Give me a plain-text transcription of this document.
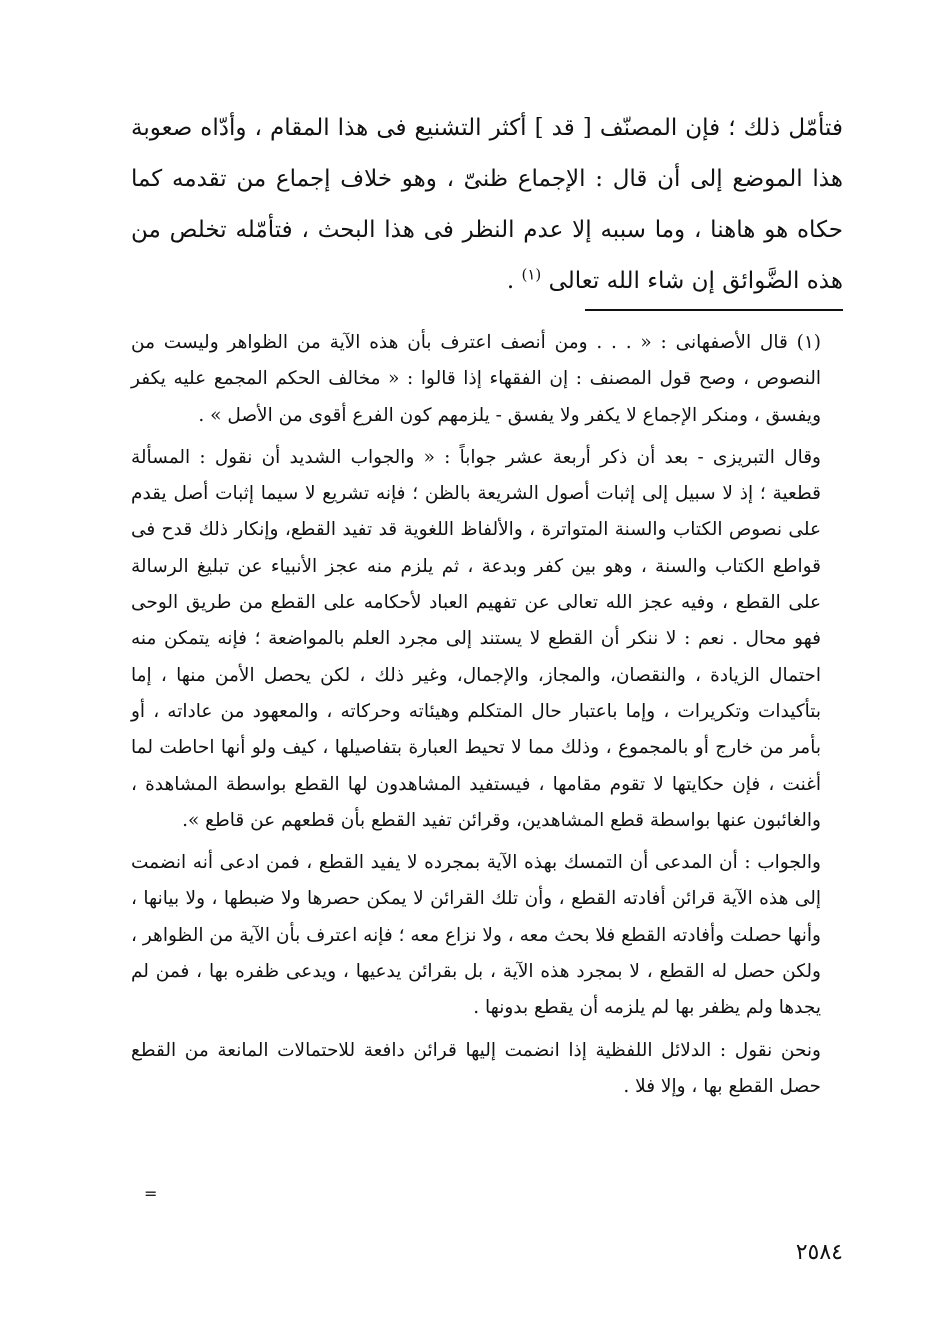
فتأمّل ذلك ؛ فإن المصنّف [ قد ] أكثر التشنيع فى هذا المقام ، وأدّاه صعوبة هذا الموضع إلى أن قال : الإجماع ظنىّ ، وهو خلاف إجماع من تقدمه كما حكاه هو هاهنا ، وما سببه إلا عدم النظر فى هذا البحث ، فتأمّله تخلص من هذه الضَّوائق إن شاء الله تعالى $^{(١)}$ .

(١) قال الأصفهانى : « . . . ومن أنصف اعترف بأن هذه الآية من الظواهر وليست من النصوص ، وصح قول المصنف : إن الفقهاء إذا قالوا : « مخالف الحكم المجمع عليه يكفر ويفسق ، ومنكر الإجماع لا يكفر ولا يفسق - يلزمهم كون الفرع أقوى من الأصل » .

وقال التبريزى - بعد أن ذكر أربعة عشر جواباً : « والجواب الشديد أن نقول : المسألة قطعية ؛ إذ لا سبيل إلى إثبات أصول الشريعة بالظن ؛ فإنه تشريع لا سيما إثبات أصل يقدم على نصوص الكتاب والسنة المتواترة ، والألفاظ اللغوية قد تفيد القطع، وإنكار ذلك قدح فى قواطع الكتاب والسنة ، وهو بين كفر وبدعة ، ثم يلزم منه عجز الأنبياء عن تبليغ الرسالة على القطع ، وفيه عجز الله تعالى عن تفهيم العباد لأحكامه على القطع من طريق الوحى فهو محال . نعم : لا ننكر أن القطع لا يستند إلى مجرد العلم بالمواضعة ؛ فإنه يتمكن منه احتمال الزيادة ، والنقصان، والمجاز، والإجمال، وغير ذلك ، لكن يحصل الأمن منها ، إما بتأكيدات وتكريرات ، وإما باعتبار حال المتكلم وهيئاته وحركاته ، والمعهود من عاداته ، أو بأمر من خارج أو بالمجموع ، وذلك مما لا تحيط العبارة بتفاصيلها ، كيف ولو أنها احاطت لما أغنت ، فإن حكايتها لا تقوم مقامها ، فيستفيد المشاهدون لها القطع بواسطة المشاهدة ، والغائبون عنها بواسطة قطع المشاهدين، وقرائن تفيد القطع بأن قطعهم عن قاطع ».

والجواب : أن المدعى أن التمسك بهذه الآية بمجرده لا يفيد القطع ، فمن ادعى أنه انضمت إلى هذه الآية قرائن أفادته القطع ، وأن تلك القرائن لا يمكن حصرها ولا ضبطها ، ولا بيانها ، وأنها حصلت وأفادته القطع فلا بحث معه ، ولا نزاع معه ؛ فإنه اعترف بأن الآية من الظواهر ، ولكن حصل له القطع ، لا بمجرد هذه الآية ، بل بقرائن يدعيها ، ويدعى ظفره بها ، فمن لم يجدها ولم يظفر بها لم يلزمه أن يقطع بدونها .

ونحن نقول : الدلائل اللفظية إذا انضمت إليها قرائن دافعة للاحتمالات المانعة من القطع حصل القطع بها ، وإلا فلا .

=
٢٥٨٤
